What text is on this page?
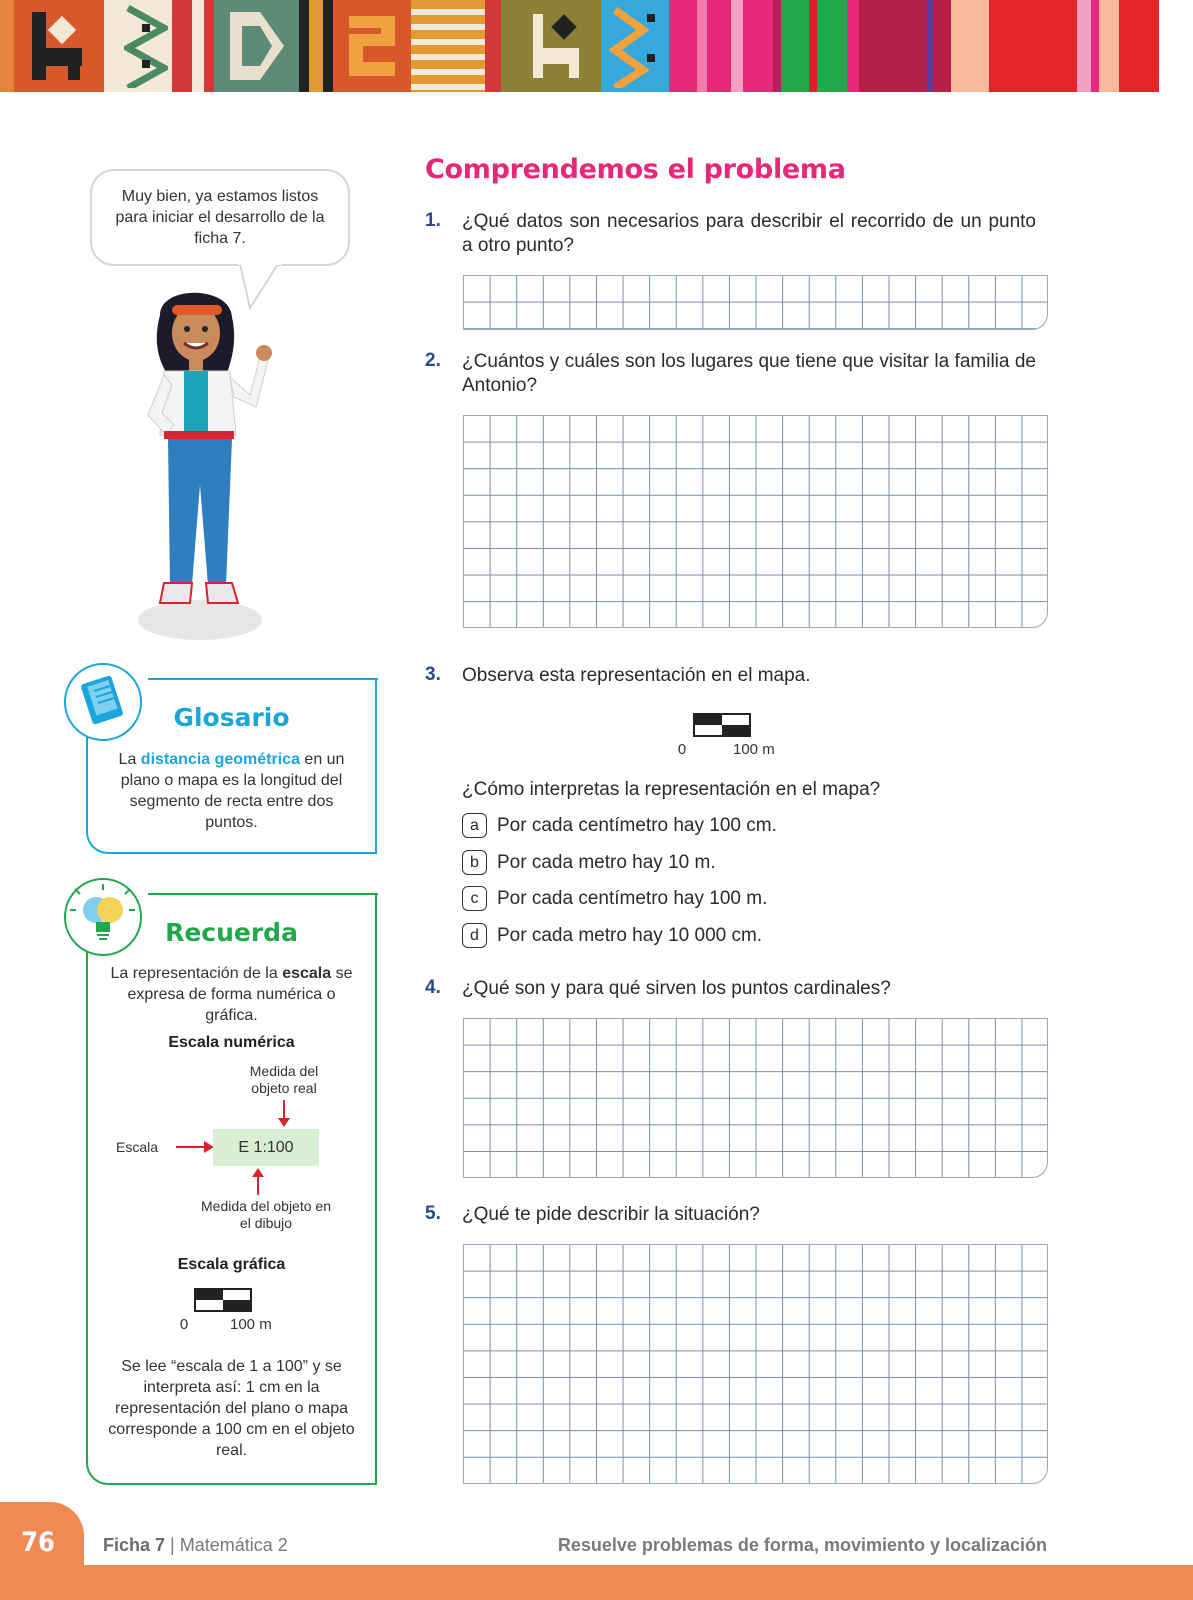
Muy bien, ya estamos listos para iniciar el desarrollo de la ficha 7.
Glosario
La distancia geométrica en un plano o mapa es la longitud del segmento de recta entre dos puntos.
Recuerda
La representación de la escala se expresa de forma numérica o gráfica.
Escala numérica
Medida del objeto real
Escala	E 1:100
Medida del objeto en el dibujo
Escala gráfica
0	100 m
Se lee “escala de 1 a 100” y se interpreta así: 1 cm en la representación del plano o mapa corresponde a 100 cm en el objeto real.
Comprendemos el problema
1. ¿Qué datos son necesarios para describir el recorrido de un punto a otro punto?
2. ¿Cuántos y cuáles son los lugares que tiene que visitar la familia de Antonio?
3. Observa esta representación en el mapa.
0	100 m
¿Cómo interpretas la representación en el mapa?
a Por cada centímetro hay 100 cm.
b Por cada metro hay 10 m.
c Por cada centímetro hay 100 m.
d Por cada metro hay 10 000 cm.
4. ¿Qué son y para qué sirven los puntos cardinales?
5. ¿Qué te pide describir la situación?
76	Ficha 7 | Matemática 2	Resuelve problemas de forma, movimiento y localización
